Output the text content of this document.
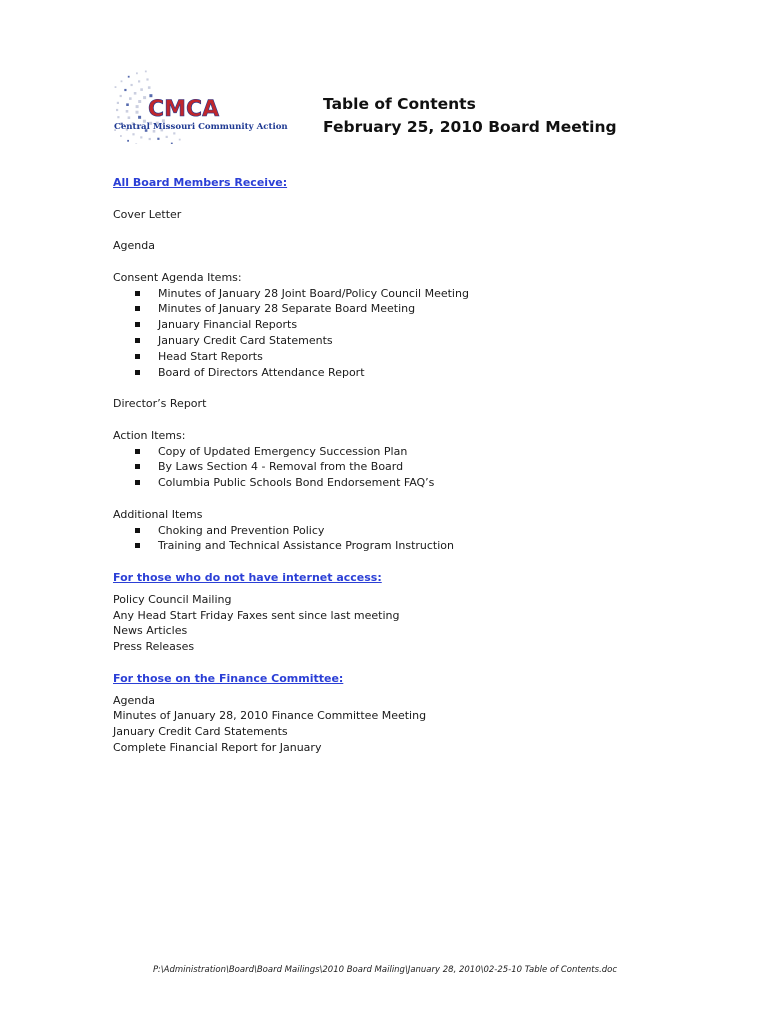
CMCA
Central Missouri Community Action
Table of Contents
February 25, 2010 Board Meeting
All Board Members Receive:
Cover Letter
Agenda
Consent Agenda Items:
Minutes of January 28 Joint Board/Policy Council Meeting
Minutes of January 28 Separate Board Meeting
January Financial Reports
January Credit Card Statements
Head Start Reports
Board of Directors Attendance Report
Director’s Report
Action Items:
Copy of Updated Emergency Succession Plan
By Laws Section 4 - Removal from the Board
Columbia Public Schools Bond Endorsement FAQ’s
Additional Items
Choking and Prevention Policy
Training and Technical Assistance Program Instruction
For those who do not have internet access:
Policy Council Mailing
Any Head Start Friday Faxes sent since last meeting
News Articles
Press Releases
For those on the Finance Committee:
Agenda
Minutes of January 28, 2010 Finance Committee Meeting
January Credit Card Statements
Complete Financial Report for January
P:\Administration\Board\Board Mailings\2010 Board Mailing\January 28, 2010\02-25-10 Table of Contents.doc
